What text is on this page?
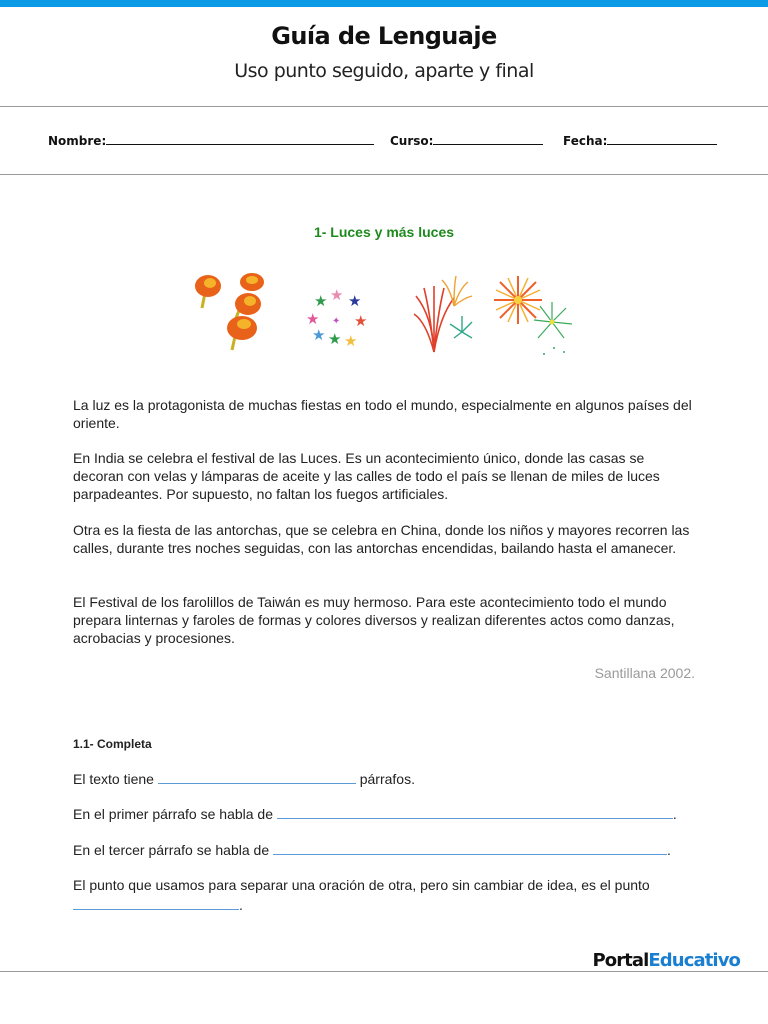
Guía de Lenguaje
Uso punto seguido, aparte y final
Nombre:	Curso:	Fecha:
1- Luces y más luces
★ ★ ★
★ ★
★ ★ ★
✦
La luz es la protagonista de muchas fiestas en todo el mundo, especialmente en algunos países del oriente.
En India se celebra el festival de las Luces. Es un acontecimiento único, donde las casas se decoran con velas y lámparas de aceite y las calles de todo el país se llenan de miles de luces parpadeantes. Por supuesto, no faltan los fuegos artificiales.
Otra es la fiesta de las antorchas, que se celebra en China, donde los niños y mayores recorren las calles, durante tres noches seguidas, con las antorchas encendidas, bailando hasta el amanecer.
El Festival de los farolillos de Taiwán es muy hermoso. Para este acontecimiento todo el mundo prepara linternas y faroles de formas y colores diversos y realizan diferentes actos como danzas, acrobacias y procesiones.
Santillana 2002.
1.1- Completa
El texto tiene	párrafos.
En el primer párrafo se habla de	.
En el tercer párrafo se habla de	.
El punto que usamos para separar una oración de otra, pero sin cambiar de idea, es el punto
.
PortalEducativo
